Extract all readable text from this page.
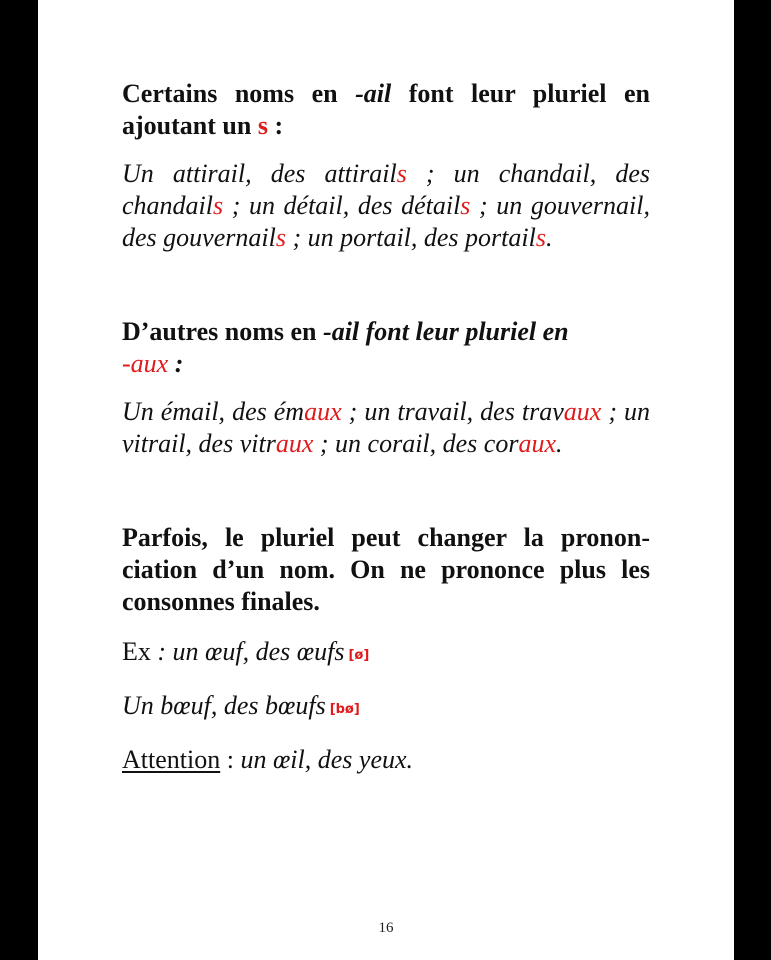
Certains noms en -ail font leur pluriel en ajoutant un s :

Un attirail, des attirails ; un chandail, des chandails ; un détail, des détails ; un gouvernail, des gouvernails ; un portail, des portails.

D’autres noms en -ail font leur pluriel en
-aux :

Un émail, des émaux ; un travail, des travaux ; un vitrail, des vitraux ; un corail, des coraux.

Parfois, le pluriel peut changer la pronon- ciation d’un nom. On ne prononce plus les consonnes finales.

Ex : un œuf, des œufs [ø]

Un bœuf, des bœufs [bø]

Attention : un œil, des yeux.

16
